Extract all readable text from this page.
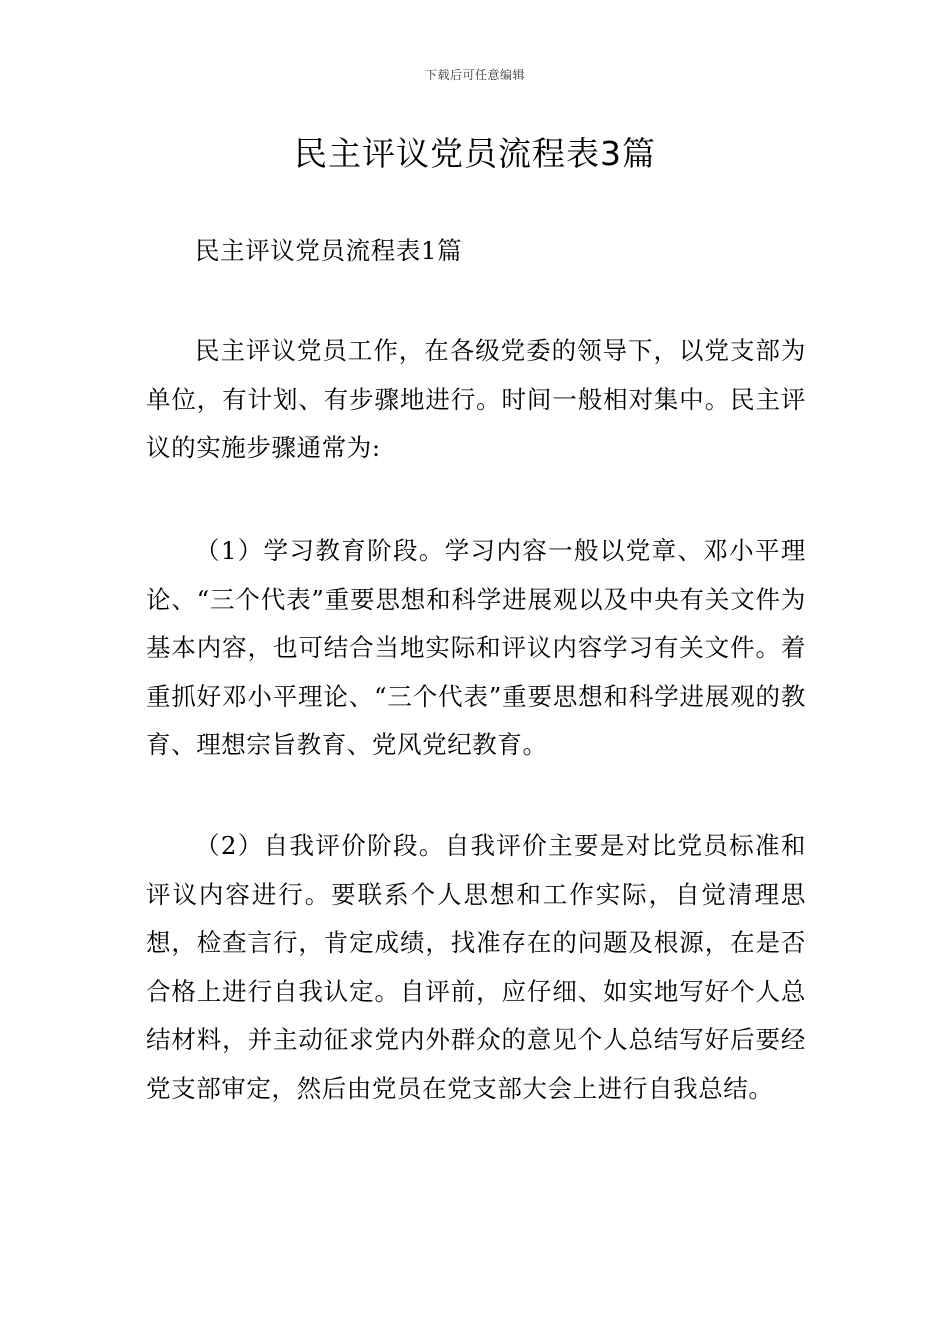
下载后可任意编辑
民主评议党员流程表3篇
民主评议党员流程表1篇
民主评议党员工作，在各级党委的领导下，以党支部为单位，有计划、有步骤地进行。时间一般相对集中。民主评议的实施步骤通常为:
（1）学习教育阶段。学习内容一般以党章、邓小平理论、“三个代表”重要思想和科学进展观以及中央有关文件为基本内容，也可结合当地实际和评议内容学习有关文件。着重抓好邓小平理论、“三个代表”重要思想和科学进展观的教育、理想宗旨教育、党风党纪教育。
（2）自我评价阶段。自我评价主要是对比党员标准和评议内容进行。要联系个人思想和工作实际，自觉清理思想，检查言行，肯定成绩，找准存在的问题及根源，在是否合格上进行自我认定。自评前，应仔细、如实地写好个人总结材料，并主动征求党内外群众的意见个人总结写好后要经党支部审定，然后由党员在党支部大会上进行自我总结。
